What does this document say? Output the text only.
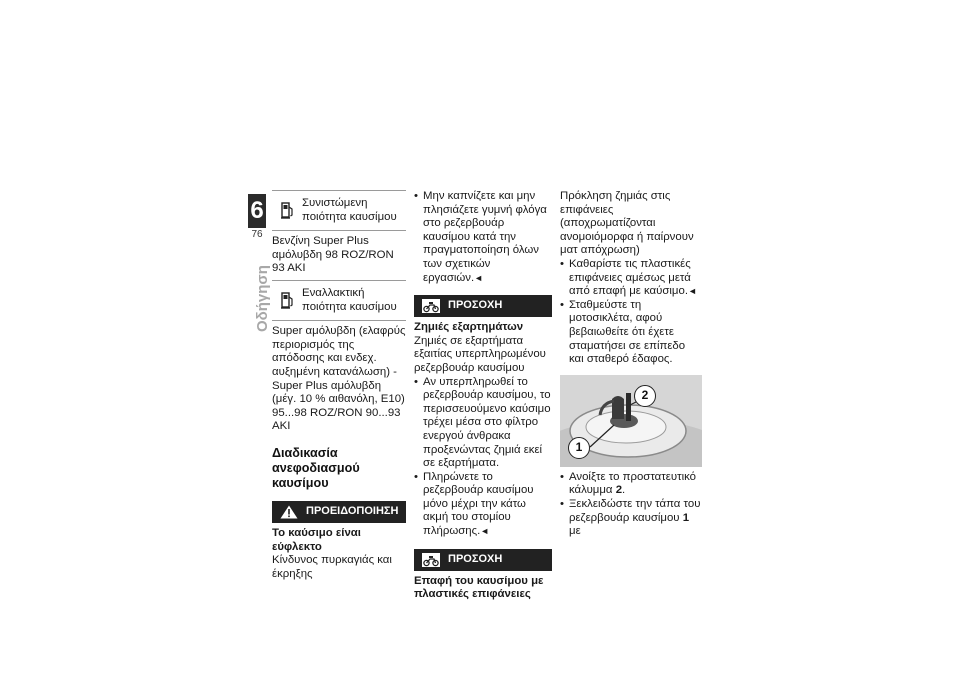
6
76
Οδήγηση
Συνιστώμενη ποιότητα καυσίμου
Βενζίνη Super Plus αμόλυβδη 98 ROZ/RON 93 AKI
Εναλλακτική ποιότητα καυσίμου
Super αμόλυβδη (ελαφρύς περιορισμός της απόδοσης και ενδεχ. αυξημένη κατανάλωση) - Super Plus αμόλυβδη (μέγ. 10 % αιθανόλη, E10) 95...98 ROZ/RON 90...93 AKI
Διαδικασία ανεφοδιασμού καυσίμου
ΠΡΟΕΙΔΟΠΟΙΗΣΗ
Το καύσιμο είναι εύφλεκτο
Κίνδυνος πυρκαγιάς και έκρηξης
• Μην καπνίζετε και μην πλησιάζετε γυμνή φλόγα στο ρεζερβουάρ καυσίμου κατά την πραγματοποίηση όλων των σχετικών εργασιών.◄
ΠΡΟΣΟΧΗ
Ζημιές εξαρτημάτων
Ζημιές σε εξαρτήματα εξαιτίας υπερπληρωμένου ρεζερβουάρ καυσίμου
• Αν υπερπληρωθεί το ρεζερβουάρ καυσίμου, το περισσευούμενο καύσιμο τρέχει μέσα στο φίλτρο ενεργού άνθρακα προξενώντας ζημιά εκεί σε εξαρτήματα.
• Πληρώνετε το ρεζερβουάρ καυσίμου μόνο μέχρι την κάτω ακμή του στομίου πλήρωσης.◄
ΠΡΟΣΟΧΗ
Επαφή του καυσίμου με πλαστικές επιφάνειες
Πρόκληση ζημιάς στις επιφάνειες (αποχρωματίζονται ανομοιόμορφα ή παίρνουν ματ απόχρωση)
• Καθαρίστε τις πλαστικές επιφάνειες αμέσως μετά από επαφή με καύσιμο.◄
• Σταθμεύστε τη μοτοσικλέτα, αφού βεβαιωθείτε ότι έχετε σταματήσει σε επίπεδο και σταθερό έδαφος.
1
2
• Ανοίξτε το προστατευτικό κάλυμμα 2.
• Ξεκλειδώστε την τάπα του ρεζερβουάρ καυσίμου 1 με
